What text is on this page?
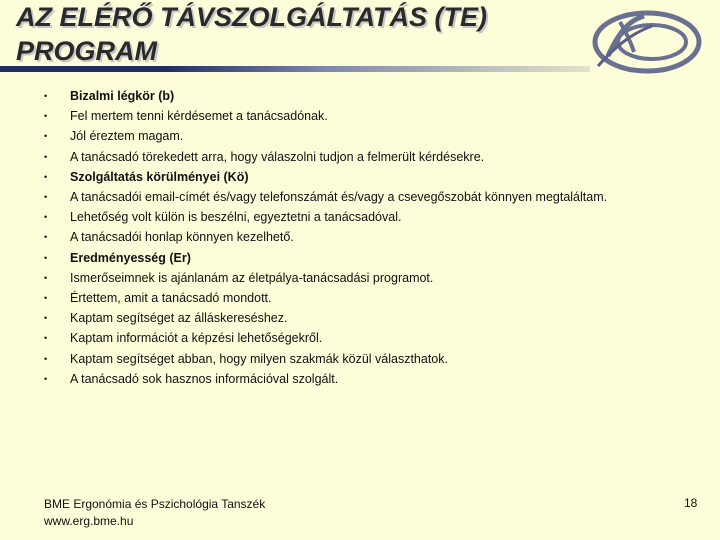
AZ ELÉRŐ TÁVSZOLGÁLTATÁS (TE)
PROGRAM
•	Bizalmi légkör (b)
•	Fel mertem tenni kérdésemet a tanácsadónak.
•	Jól éreztem magam.
•	A tanácsadó törekedett arra, hogy válaszolni tudjon a felmerült kérdésekre.
•	Szolgáltatás körülményei (Kö)
•	A tanácsadói email-címét és/vagy telefonszámát és/vagy a csevegőszobát könnyen megtaláltam.
•	Lehetőség volt külön is beszélni, egyeztetni a tanácsadóval.
•	A tanácsadói honlap könnyen kezelhető.
•	Eredményesség (Er)
•	Ismerőseimnek is ajánlanám az életpálya-tanácsadási programot.
•	Értettem, amit a tanácsadó mondott.
•	Kaptam segítséget az álláskereséshez.
•	Kaptam információt a képzési lehetőségekről.
•	Kaptam segítséget abban, hogy milyen szakmák közül választhatok.
•	A tanácsadó sok hasznos információval szolgált.
BME Ergonómia és Pszichológia Tanszék
www.erg.bme.hu
18
